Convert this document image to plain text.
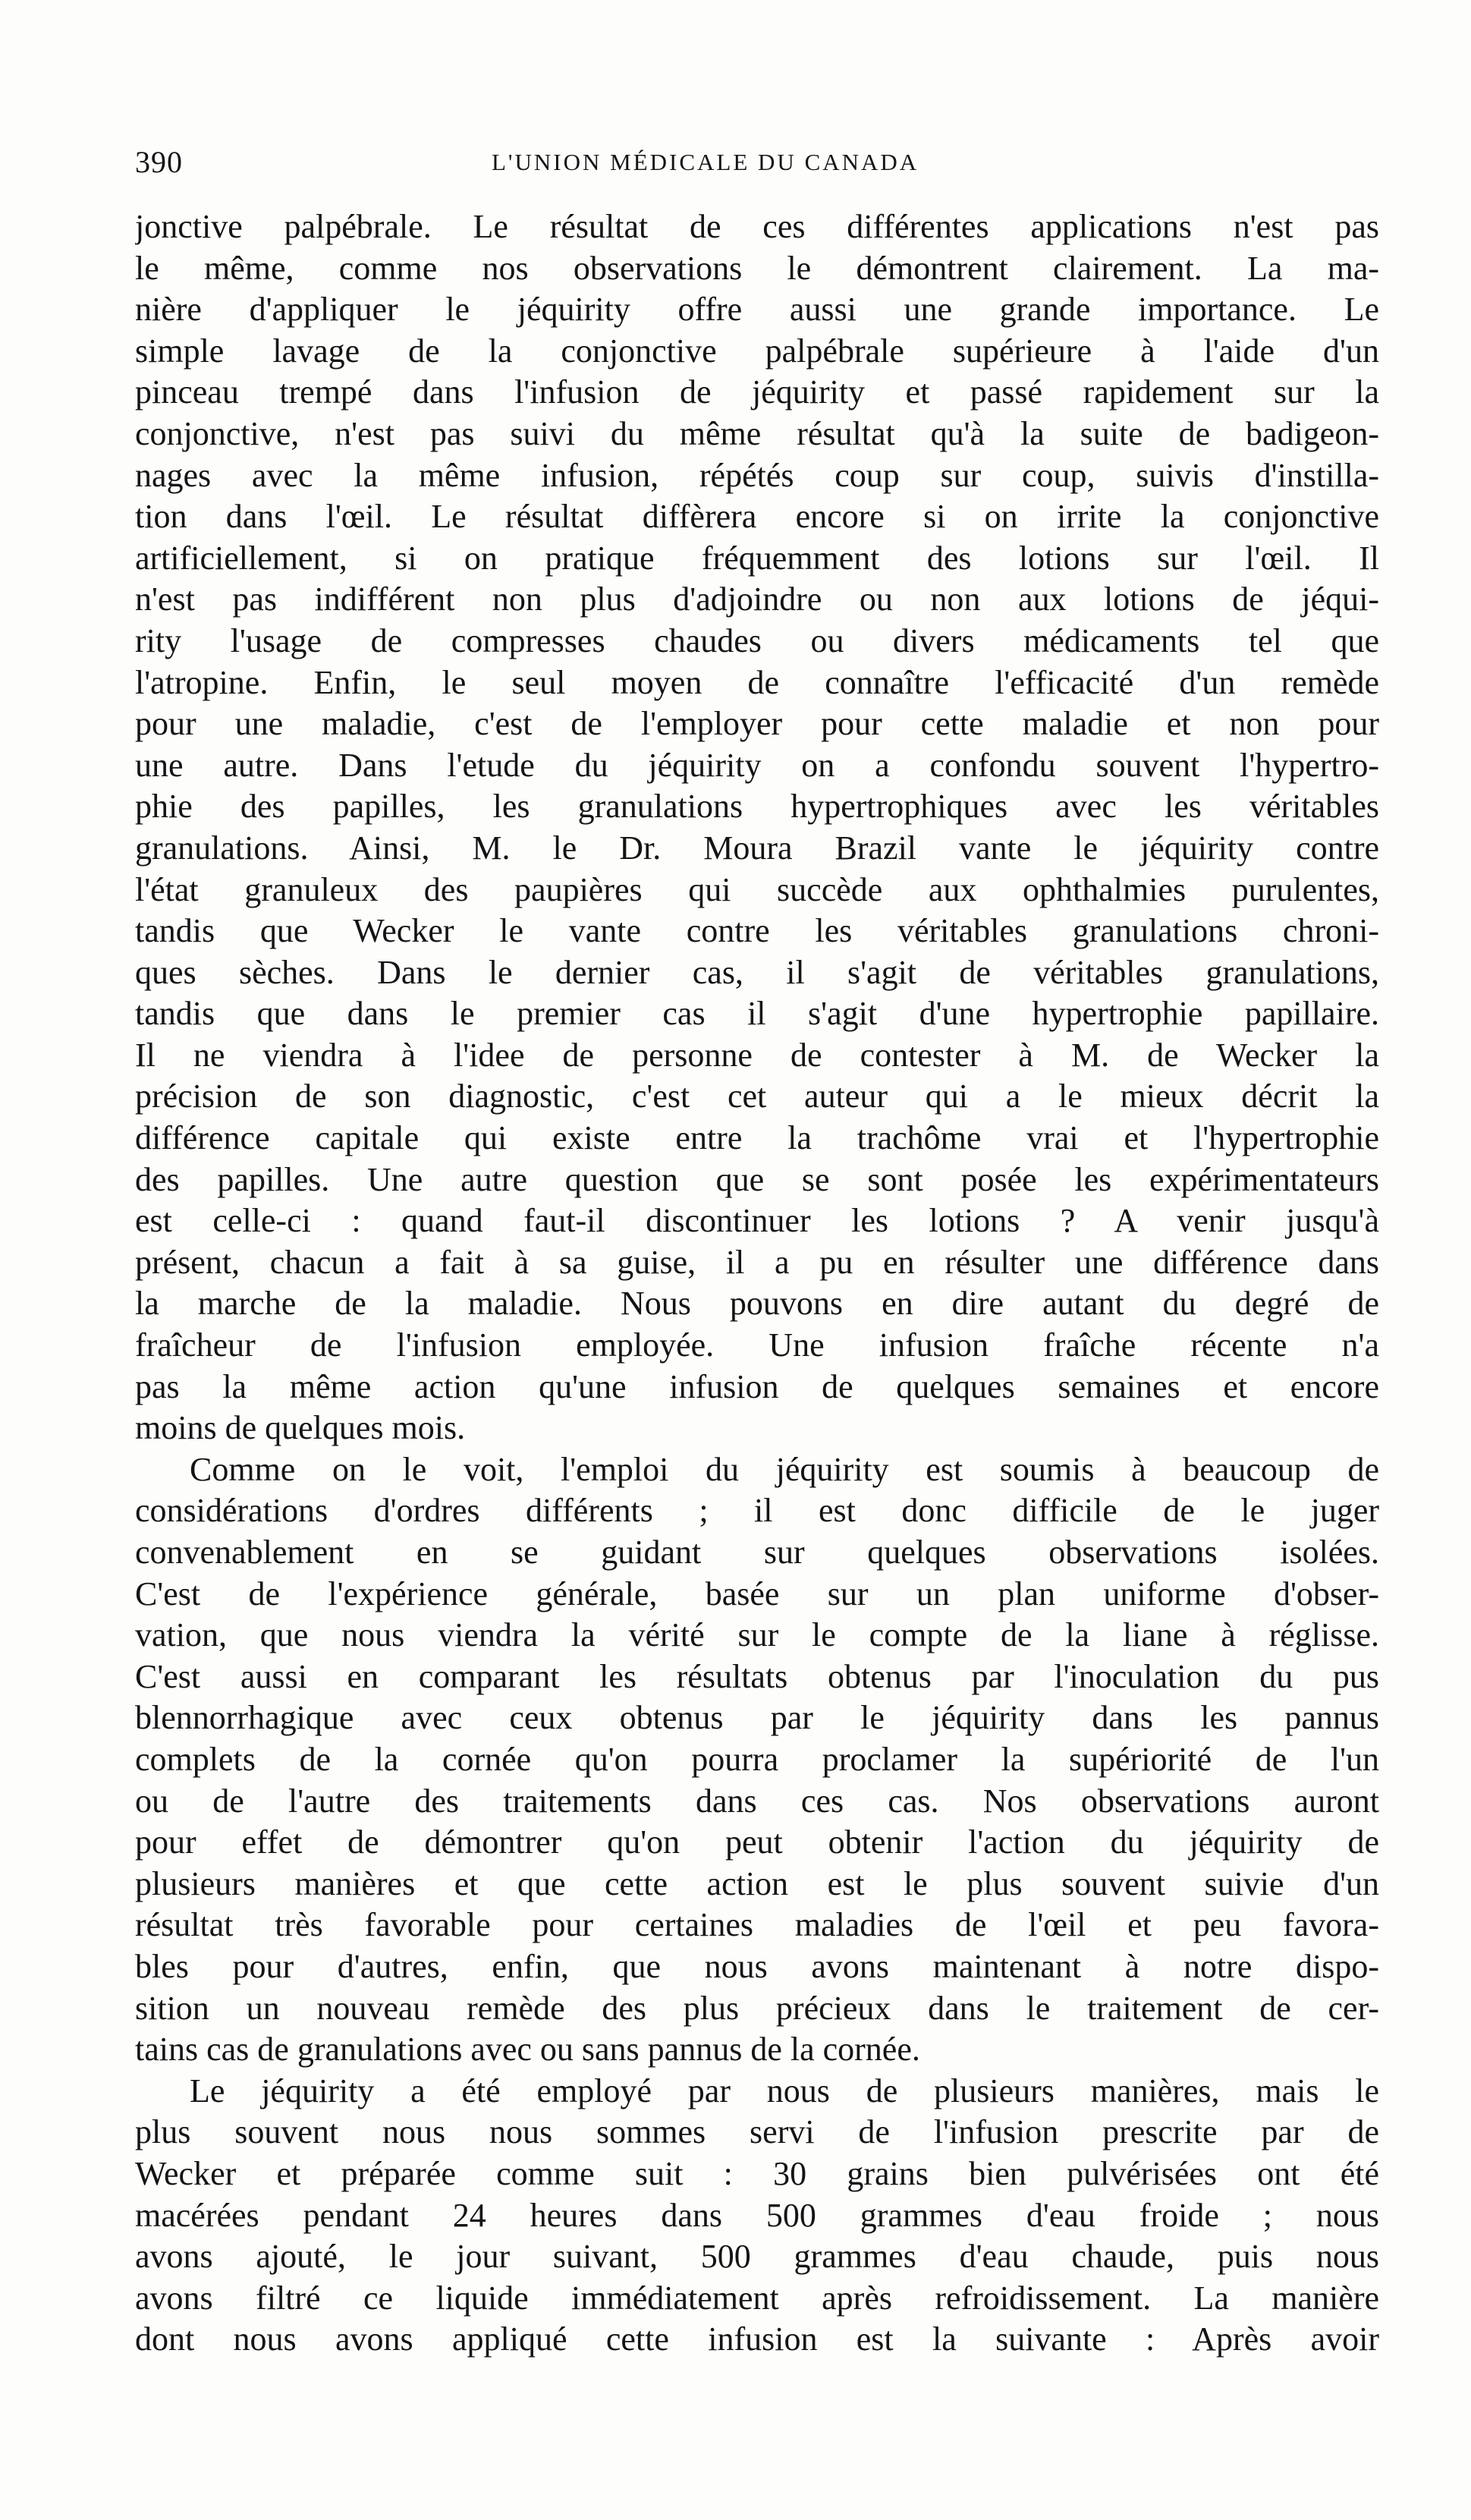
390	L'UNION MÉDICALE DU CANADA
jonctive palpébrale. Le résultat de ces différentes applications n'est pas
le même, comme nos observations le démontrent clairement. La ma-
nière d'appliquer le jéquirity offre aussi une grande importance. Le
simple lavage de la conjonctive palpébrale supérieure à l'aide d'un
pinceau trempé dans l'infusion de jéquirity et passé rapidement sur la
conjonctive, n'est pas suivi du même résultat qu'à la suite de badigeon-
nages avec la même infusion, répétés coup sur coup, suivis d'instilla-
tion dans l'œil. Le résultat diffèrera encore si on irrite la conjonctive
artificiellement, si on pratique fréquemment des lotions sur l'œil. Il
n'est pas indifférent non plus d'adjoindre ou non aux lotions de jéqui-
rity l'usage de compresses chaudes ou divers médicaments tel que
l'atropine. Enfin, le seul moyen de connaître l'efficacité d'un remède
pour une maladie, c'est de l'employer pour cette maladie et non pour
une autre. Dans l'etude du jéquirity on a confondu souvent l'hypertro-
phie des papilles, les granulations hypertrophiques avec les véritables
granulations. Ainsi, M. le Dr. Moura Brazil vante le jéquirity contre
l'état granuleux des paupières qui succède aux ophthalmies purulentes,
tandis que Wecker le vante contre les véritables granulations chroni-
ques sèches. Dans le dernier cas, il s'agit de véritables granulations,
tandis que dans le premier cas il s'agit d'une hypertrophie papillaire.
Il ne viendra à l'idee de personne de contester à M. de Wecker la
précision de son diagnostic, c'est cet auteur qui a le mieux décrit la
différence capitale qui existe entre la trachôme vrai et l'hypertrophie
des papilles. Une autre question que se sont posée les expérimentateurs
est celle-ci : quand faut-il discontinuer les lotions ? A venir jusqu'à
présent, chacun a fait à sa guise, il a pu en résulter une différence dans
la marche de la maladie. Nous pouvons en dire autant du degré de
fraîcheur de l'infusion employée. Une infusion fraîche récente n'a
pas la même action qu'une infusion de quelques semaines et encore
moins de quelques mois.
Comme on le voit, l'emploi du jéquirity est soumis à beaucoup de
considérations d'ordres différents ; il est donc difficile de le juger
convenablement en se guidant sur quelques observations isolées.
C'est de l'expérience générale, basée sur un plan uniforme d'obser-
vation, que nous viendra la vérité sur le compte de la liane à réglisse.
C'est aussi en comparant les résultats obtenus par l'inoculation du pus
blennorrhagique avec ceux obtenus par le jéquirity dans les pannus
complets de la cornée qu'on pourra proclamer la supériorité de l'un
ou de l'autre des traitements dans ces cas. Nos observations auront
pour effet de démontrer qu'on peut obtenir l'action du jéquirity de
plusieurs manières et que cette action est le plus souvent suivie d'un
résultat très favorable pour certaines maladies de l'œil et peu favora-
bles pour d'autres, enfin, que nous avons maintenant à notre dispo-
sition un nouveau remède des plus précieux dans le traitement de cer-
tains cas de granulations avec ou sans pannus de la cornée.
Le jéquirity a été employé par nous de plusieurs manières, mais le
plus souvent nous nous sommes servi de l'infusion prescrite par de
Wecker et préparée comme suit : 30 grains bien pulvérisées ont été
macérées pendant 24 heures dans 500 grammes d'eau froide ; nous
avons ajouté, le jour suivant, 500 grammes d'eau chaude, puis nous
avons filtré ce liquide immédiatement après refroidissement. La manière
dont nous avons appliqué cette infusion est la suivante : Après avoir
